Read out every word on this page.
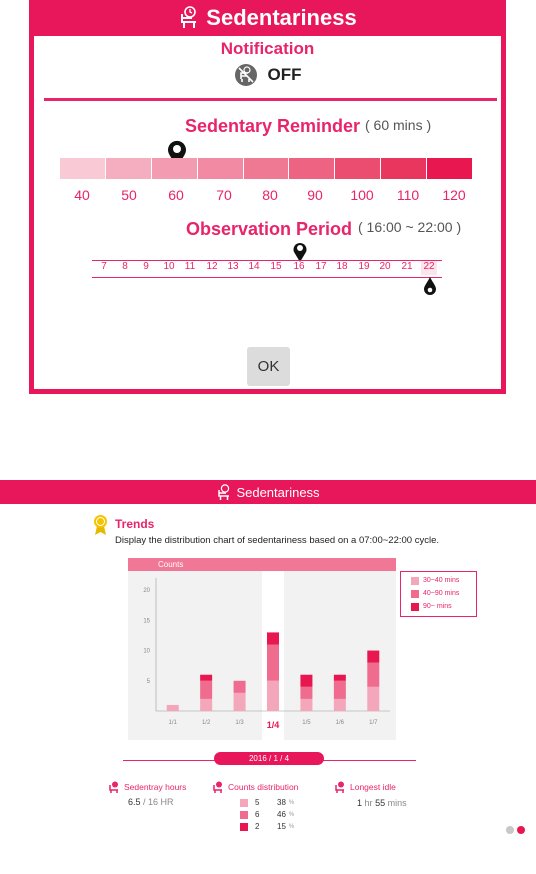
Sedentariness
Notification
OFF
Sedentary Reminder ( 60 mins )
40 50 60 70 80 90 100 110 120
Observation Period ( 16:00 ~ 22:00 )
7 8 9 10 11 12 13 14 15 16 17 18 19 20 21 22
OK
Sedentariness
Trends
Display the distribution chart of sedentariness based on a 07:00~22:00 cycle.
5
10
15
20
1/1	1/2	1/3	1/4	1/5	1/6	1/7
Counts
30~40 mins
40~90 mins
90~ mins
2016 / 1 / 4
Sedentray hours
6.5 / 16 HR
Counts distribution
5	38 %
6	46 %
2	15 %
Longest idle
1 hr 55 mins
